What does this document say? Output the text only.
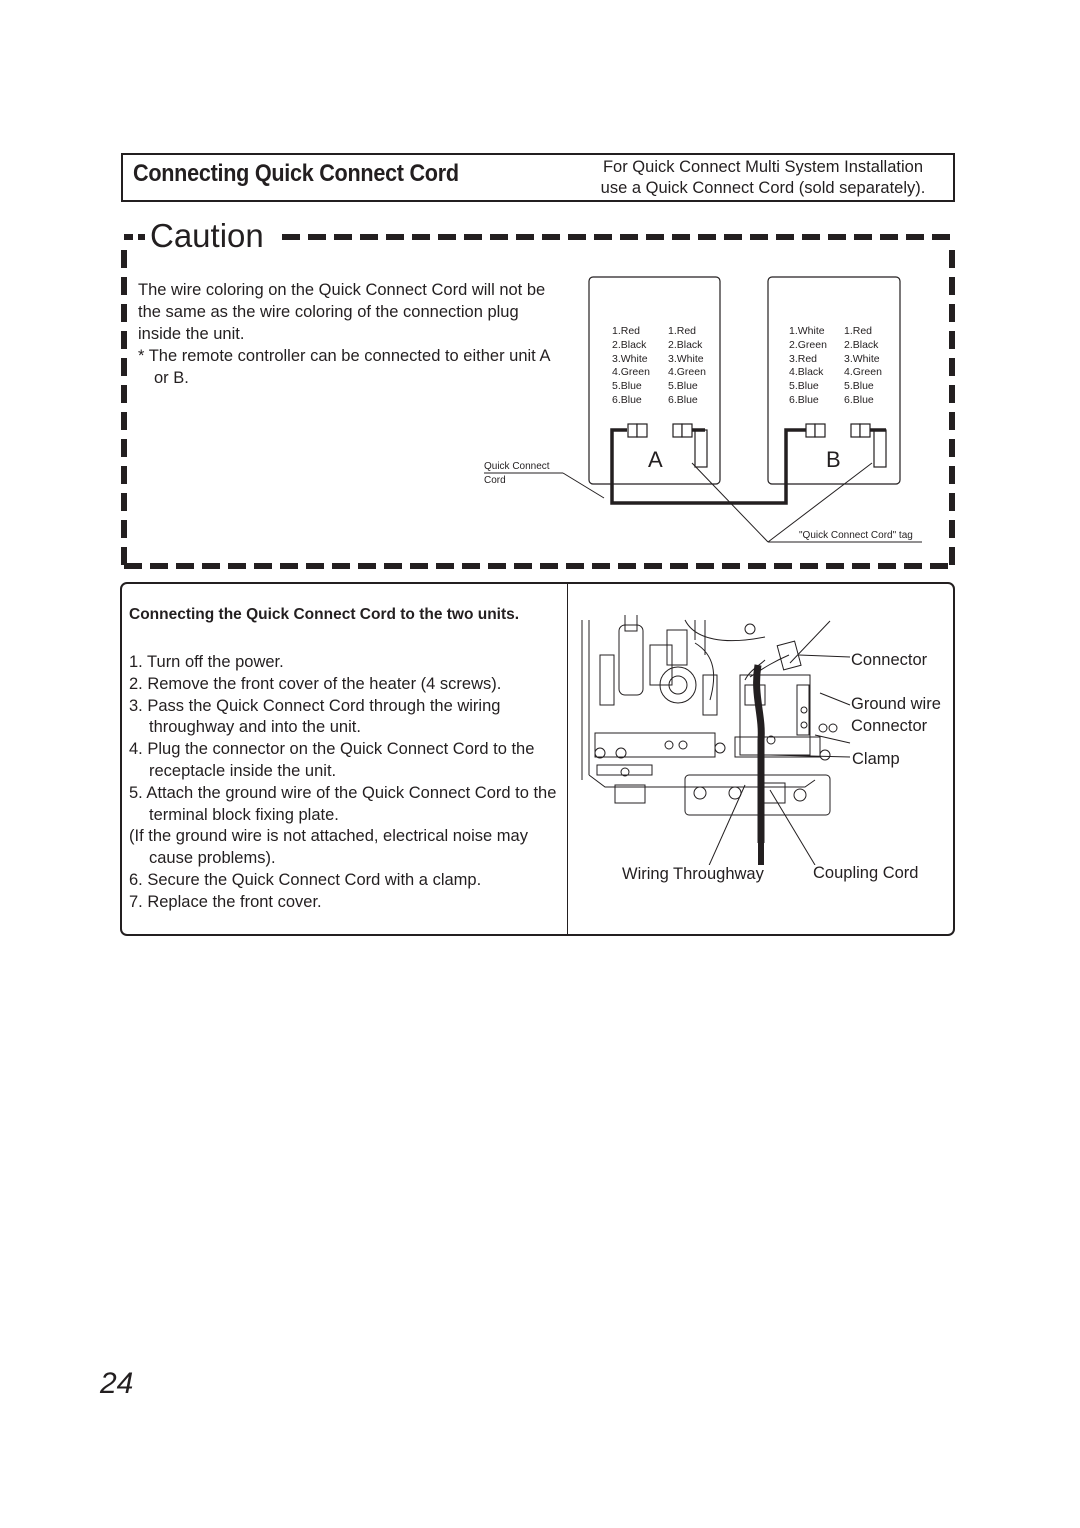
Connecting Quick Connect Cord	For Quick Connect Multi System Installation
use a Quick Connect Cord (sold separately).
Caution

The wire coloring on the Quick Connect Cord will not be the same as the wire coloring of the connection plug inside the unit.

* The remote controller can be connected to either unit A or B.

1.Red
2.Black
3.White
4.Green
5.Blue
6.Blue
1.Red
2.Black
3.White
4.Green
5.Blue
6.Blue
1.White
2.Green
3.Red
4.Black
5.Blue
6.Blue
1.Red
2.Black
3.White
4.Green
5.Blue
6.Blue
A	B
Quick Connect
Cord
"Quick Connect Cord" tag
Connecting the Quick Connect Cord to the two units.
1. Turn off the power.
2. Remove the front cover of the heater (4 screws).
3. Pass the Quick Connect Cord through the wiring throughway and into the unit.
4. Plug the connector on the Quick Connect Cord to the receptacle inside the unit.
5. Attach the ground wire of the Quick Connect Cord to the terminal block fixing plate.
(If the ground wire is not attached, electrical noise may cause problems).
6. Secure the Quick Connect Cord with a clamp.
7. Replace the front cover.
Connector
Ground wire
Connector
Clamp
Wiring Throughway	Coupling Cord
24
